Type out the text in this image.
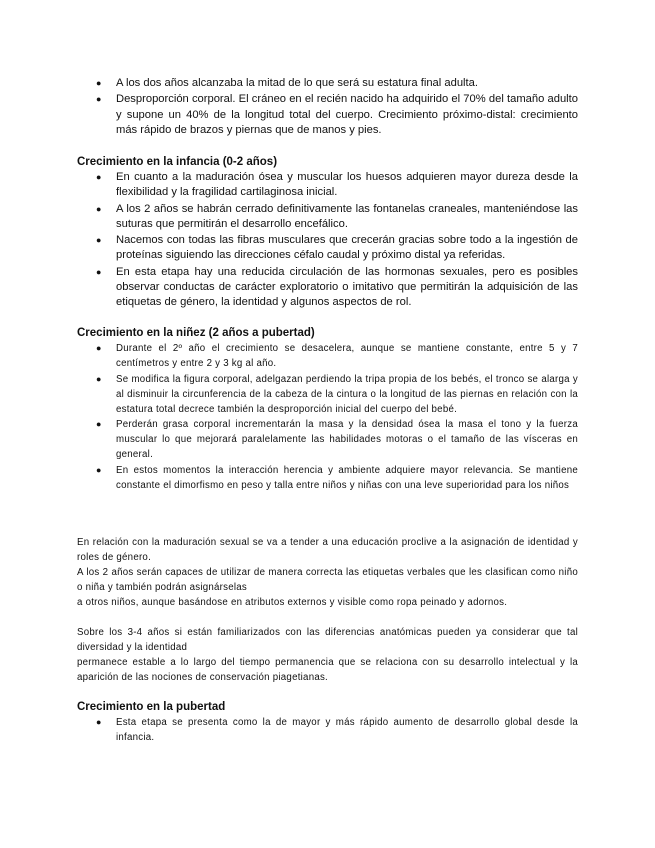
● A los dos años alcanzaba la mitad de lo que será su estatura final adulta.
● Desproporción corporal. El cráneo en el recién nacido ha adquirido el 70% del tamaño adulto y supone un 40% de la longitud total del cuerpo. Crecimiento próximo-distal: crecimiento más rápido de brazos y piernas que de manos y pies.
Crecimiento en la infancia (0-2 años)
● En cuanto a la maduración ósea y muscular los huesos adquieren mayor dureza desde la flexibilidad y la fragilidad cartilaginosa inicial.
● A los 2 años se habrán cerrado definitivamente las fontanelas craneales, manteniéndose las suturas que permitirán el desarrollo encefálico.
● Nacemos con todas las fibras musculares que crecerán gracias sobre todo a la ingestión de proteínas siguiendo las direcciones céfalo caudal y próximo distal ya referidas.
● En esta etapa hay una reducida circulación de las hormonas sexuales, pero es posibles observar conductas de carácter exploratorio o imitativo que permitirán la adquisición de las etiquetas de género, la identidad y algunos aspectos de rol.
Crecimiento en la niñez (2 años a pubertad)
● Durante el 2º año el crecimiento se desacelera, aunque se mantiene constante, entre 5 y 7 centímetros y entre 2 y 3 kg al año.
● Se modifica la figura corporal, adelgazan perdiendo la tripa propia de los bebés, el tronco se alarga y al disminuir la circunferencia de la cabeza de la cintura o la longitud de las piernas en relación con la estatura total decrece también la desproporción inicial del cuerpo del bebé.
● Perderán grasa corporal incrementarán la masa y la densidad ósea la masa el tono y la fuerza muscular lo que mejorará paralelamente las habilidades motoras o el tamaño de las vísceras en general.
● En estos momentos la interacción herencia y ambiente adquiere mayor relevancia. Se mantiene constante el dimorfismo en peso y talla entre niños y niñas con una leve superioridad para los niños

En relación con la maduración sexual se va a tender a una educación proclive a la asignación de identidad y roles de género.

A los 2 años serán capaces de utilizar de manera correcta las etiquetas verbales que les clasifican como niño o niña y también podrán asignárselas

a otros niños, aunque basándose en atributos externos y visible como ropa peinado y adornos.

Sobre los 3-4 años si están familiarizados con las diferencias anatómicas pueden ya considerar que tal diversidad y la identidad

permanece estable a lo largo del tiempo permanencia que se relaciona con su desarrollo intelectual y la aparición de las nociones de conservación piagetianas.

Crecimiento en la pubertad
● Esta etapa se presenta como la de mayor y más rápido aumento de desarrollo global desde la infancia.
